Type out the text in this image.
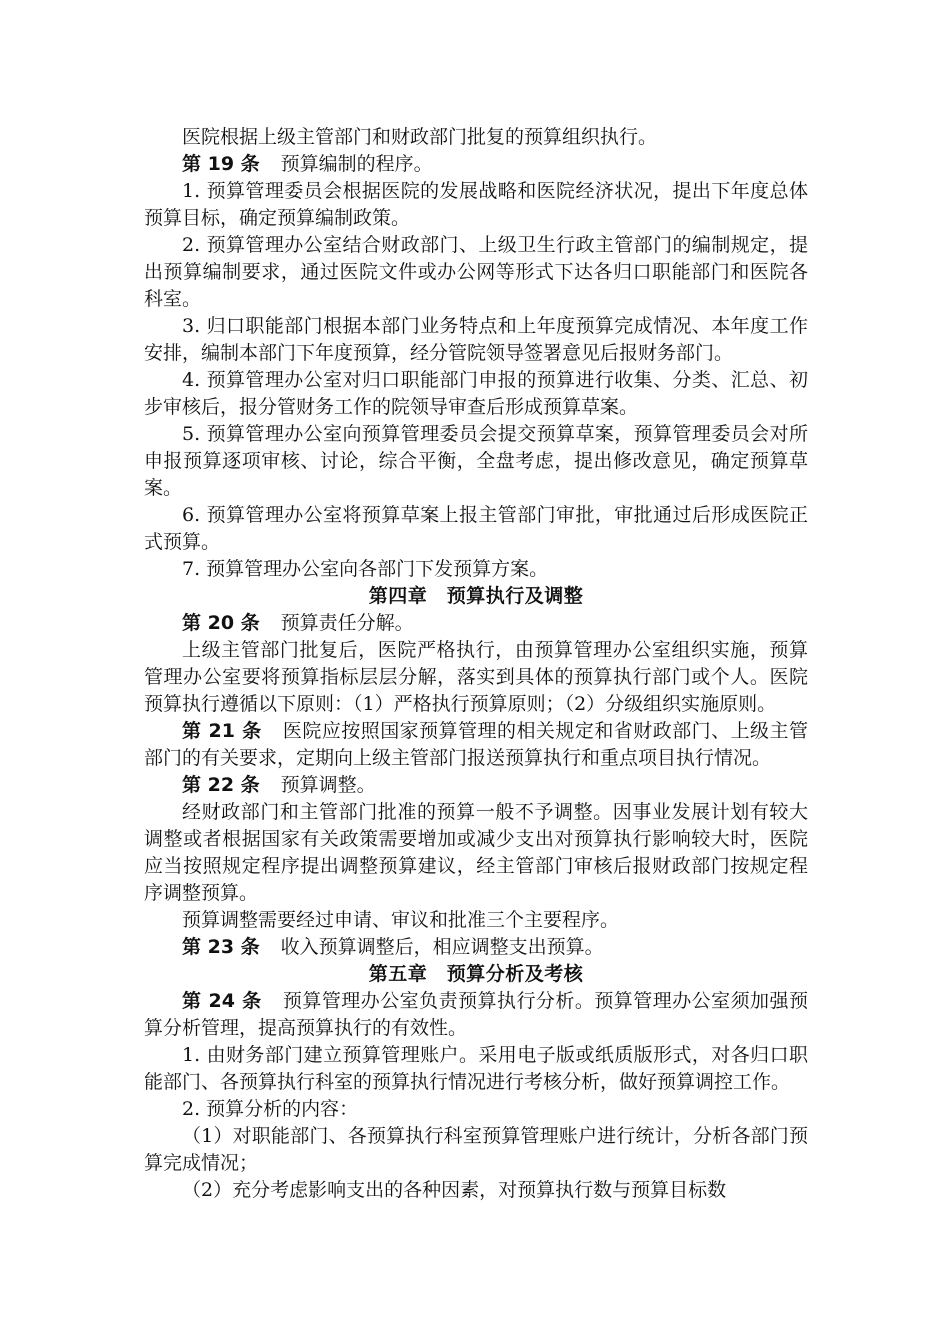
医院根据上级主管部门和财政部门批复的预算组织执行。

第 19 条 预算编制的程序。

1. 预算管理委员会根据医院的发展战略和医院经济状况，提出下年度总体预算目标，确定预算编制政策。

2. 预算管理办公室结合财政部门、上级卫生行政主管部门的编制规定，提出预算编制要求，通过医院文件或办公网等形式下达各归口职能部门和医院各科室。

3. 归口职能部门根据本部门业务特点和上年度预算完成情况、本年度工作安排，编制本部门下年度预算，经分管院领导签署意见后报财务部门。

4. 预算管理办公室对归口职能部门申报的预算进行收集、分类、汇总、初步审核后，报分管财务工作的院领导审查后形成预算草案。

5. 预算管理办公室向预算管理委员会提交预算草案，预算管理委员会对所申报预算逐项审核、讨论，综合平衡，全盘考虑，提出修改意见，确定预算草案。

6. 预算管理办公室将预算草案上报主管部门审批，审批通过后形成医院正式预算。

7. 预算管理办公室向各部门下发预算方案。

第四章　预算执行及调整

第 20 条 预算责任分解。

上级主管部门批复后，医院严格执行，由预算管理办公室组织实施，预算管理办公室要将预算指标层层分解，落实到具体的预算执行部门或个人。医院预算执行遵循以下原则：（1）严格执行预算原则；（2）分级组织实施原则。

第 21 条 医院应按照国家预算管理的相关规定和省财政部门、上级主管部门的有关要求，定期向上级主管部门报送预算执行和重点项目执行情况。

第 22 条 预算调整。

经财政部门和主管部门批准的预算一般不予调整。因事业发展计划有较大调整或者根据国家有关政策需要增加或减少支出对预算执行影响较大时，医院应当按照规定程序提出调整预算建议，经主管部门审核后报财政部门按规定程序调整预算。

预算调整需要经过申请、审议和批准三个主要程序。

第 23 条 收入预算调整后，相应调整支出预算。

第五章　预算分析及考核

第 24 条 预算管理办公室负责预算执行分析。预算管理办公室须加强预算分析管理，提高预算执行的有效性。

1. 由财务部门建立预算管理账户。采用电子版或纸质版形式，对各归口职能部门、各预算执行科室的预算执行情况进行考核分析，做好预算调控工作。

2. 预算分析的内容：

（1）对职能部门、各预算执行科室预算管理账户进行统计，分析各部门预算完成情况；

（2）充分考虑影响支出的各种因素，对预算执行数与预算目标数
